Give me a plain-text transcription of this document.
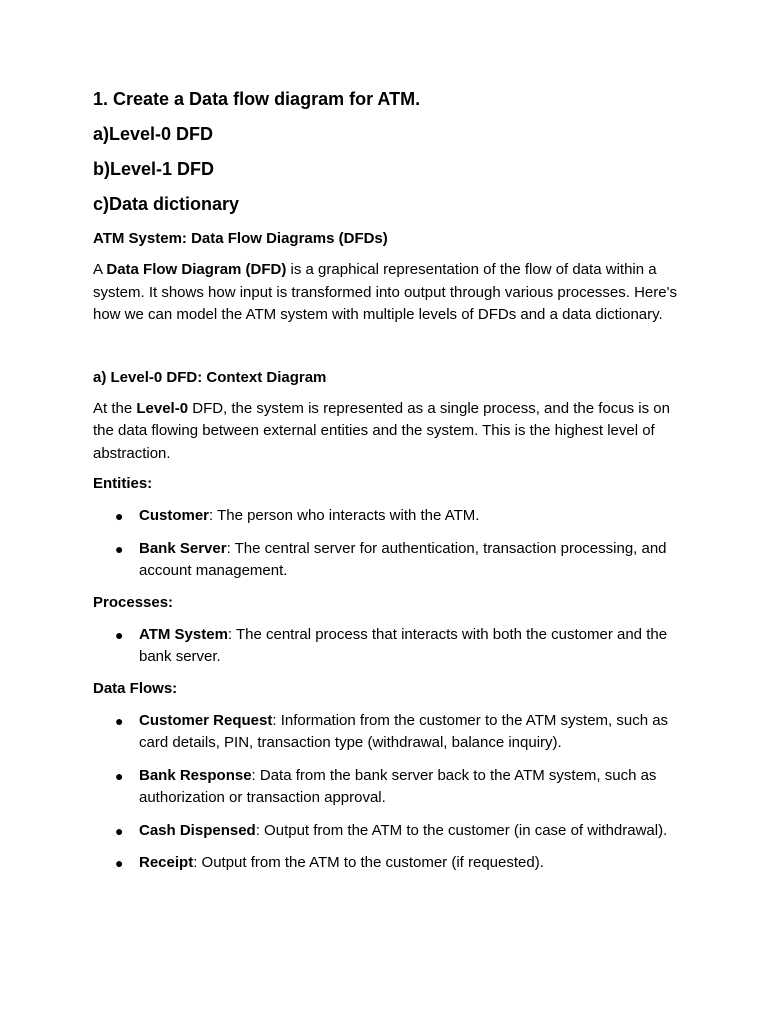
1. Create a Data flow diagram for ATM.

a)Level-0 DFD

b)Level-1 DFD

c)Data dictionary

ATM System: Data Flow Diagrams (DFDs)

A Data Flow Diagram (DFD) is a graphical representation of the flow of data within a system. It shows how input is transformed into output through various processes. Here's how we can model the ATM system with multiple levels of DFDs and a data dictionary.

a) Level-0 DFD: Context Diagram

At the Level-0 DFD, the system is represented as a single process, and the focus is on the data flowing between external entities and the system. This is the highest level of abstraction.

Entities:

● Customer: The person who interacts with the ATM.
● Bank Server: The central server for authentication, transaction processing, and account management.

Processes:

● ATM System: The central process that interacts with both the customer and the bank server.

Data Flows:

● Customer Request: Information from the customer to the ATM system, such as card details, PIN, transaction type (withdrawal, balance inquiry).
● Bank Response: Data from the bank server back to the ATM system, such as authorization or transaction approval.
● Cash Dispensed: Output from the ATM to the customer (in case of withdrawal).
● Receipt: Output from the ATM to the customer (if requested).
